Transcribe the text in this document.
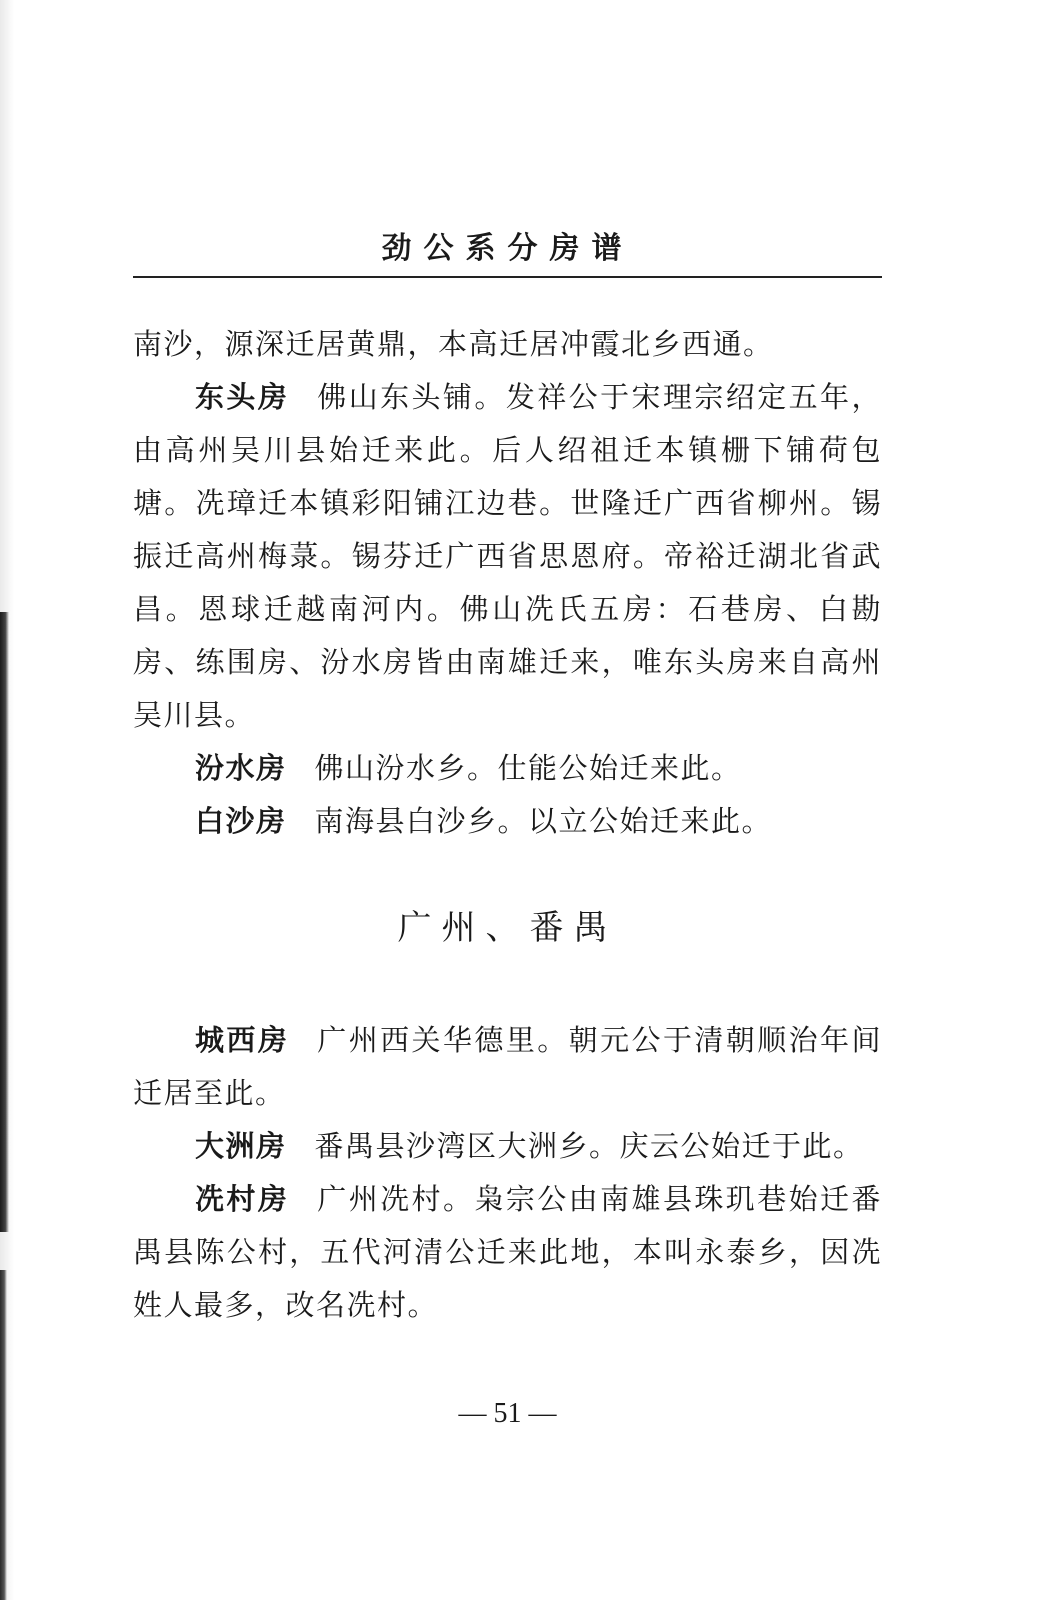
劲公系分房谱

南沙，源深迁居黄鼎，本高迁居冲霞北乡西通。

东头房 佛山东头铺。发祥公于宋理宗绍定五年，由高州吴川县始迁来此。后人绍祖迁本镇栅下铺荷包塘。冼璋迁本镇彩阳铺江边巷。世隆迁广西省柳州。锡振迁高州梅菉。锡芬迁广西省思恩府。帝裕迁湖北省武昌。恩球迁越南河内。佛山冼氏五房：石巷房、白勘房、练围房、汾水房皆由南雄迁来，唯东头房来自高州吴川县。

汾水房 佛山汾水乡。仕能公始迁来此。

白沙房 南海县白沙乡。以立公始迁来此。

广州、番禺

城西房 广州西关华德里。朝元公于清朝顺治年间迁居至此。

大洲房 番禺县沙湾区大洲乡。庆云公始迁于此。

冼村房 广州冼村。枭宗公由南雄县珠玑巷始迁番禺县陈公村，五代河清公迁来此地，本叫永泰乡，因冼姓人最多，改名冼村。

— 51 —
